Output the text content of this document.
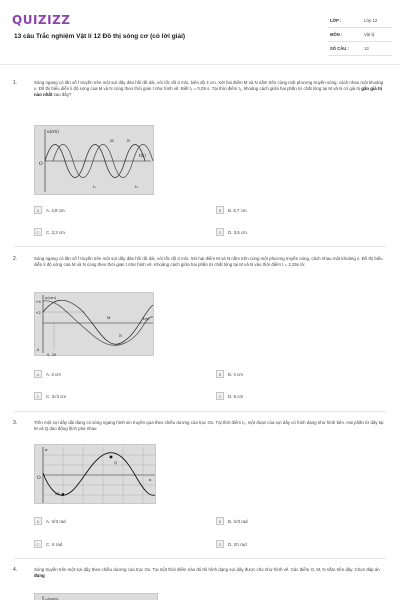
QUIZIZZ
13 câu Trắc nghiệm Vật lí 12 Đồ thị sóng cơ (có lời giải)
LỚP :	Lớp 12
MÔN :	Vật lý
SỐ CÂU :	13
1.	Sóng ngang có tần số f truyền trên một sợi dây đàn hồi rất dài, với tốc độ 3 m/s, biên độ 4 cm. Xét hai điểm M và N nằm trên cùng một phương truyền sóng, cách nhau một khoảng x. Đồ thị biểu diễn li độ sóng của M và N cùng theo thời gian t như hình vẽ. Biết t₁ = 0,05 s. Tại thời điểm t₂, khoảng cách giữa hai phần tử chất lỏng tại M và N có giá trị gần giá trị nào nhất sau đây?
u(cm)
t(s)
O
M	N
t₁	t₂
A	A. 4,8 cm.	B	B. 6,7 cm.
C	C. 3,3 cm.	D	D. 3,5 cm.
2.	Sóng ngang có tần số f truyền trên một sợi dây đàn hồi rất dài, với tốc độ 3 m/s. Xét hai điểm M và N nằm trên cùng một phương truyền sóng, cách nhau một khoảng x. Đồ thị biểu diễn li độ sóng của M và N cùng theo thời gian t như hình vẽ. Khoảng cách giữa hai phần tử chất lỏng tại M và N vào thời điểm t = 2,25s là:
u(cm)
t(s)
+4
+2
-4
0, 25
M
N
A	A. 3 cm	B	B. 4 cm
C	C. 3√3 cm	D	D. 6 cm
3.	Trên một sợi dây dài đang có sóng ngang hình sin truyền qua theo chiều dương của trục Ox. Tại thời điểm t₀, một đoạn của sợi dây có hình dạng như hình bên. Hai phần tử dây tại M và Q dao động lệch pha nhau
u
x
O
M
Q
A	A. π/3 rad	B	B. π/3 rad
C	C. π rad	D	D. 2π rad
4.	Sóng truyền trên một sợi dây theo chiều dương của trục Ox. Tại một thời điểm nào đó thì hình dạng sợi dây được cho như hình vẽ. Các điểm O, M, N nằm trên dây. Chọn đáp án đúng
u(mm)
